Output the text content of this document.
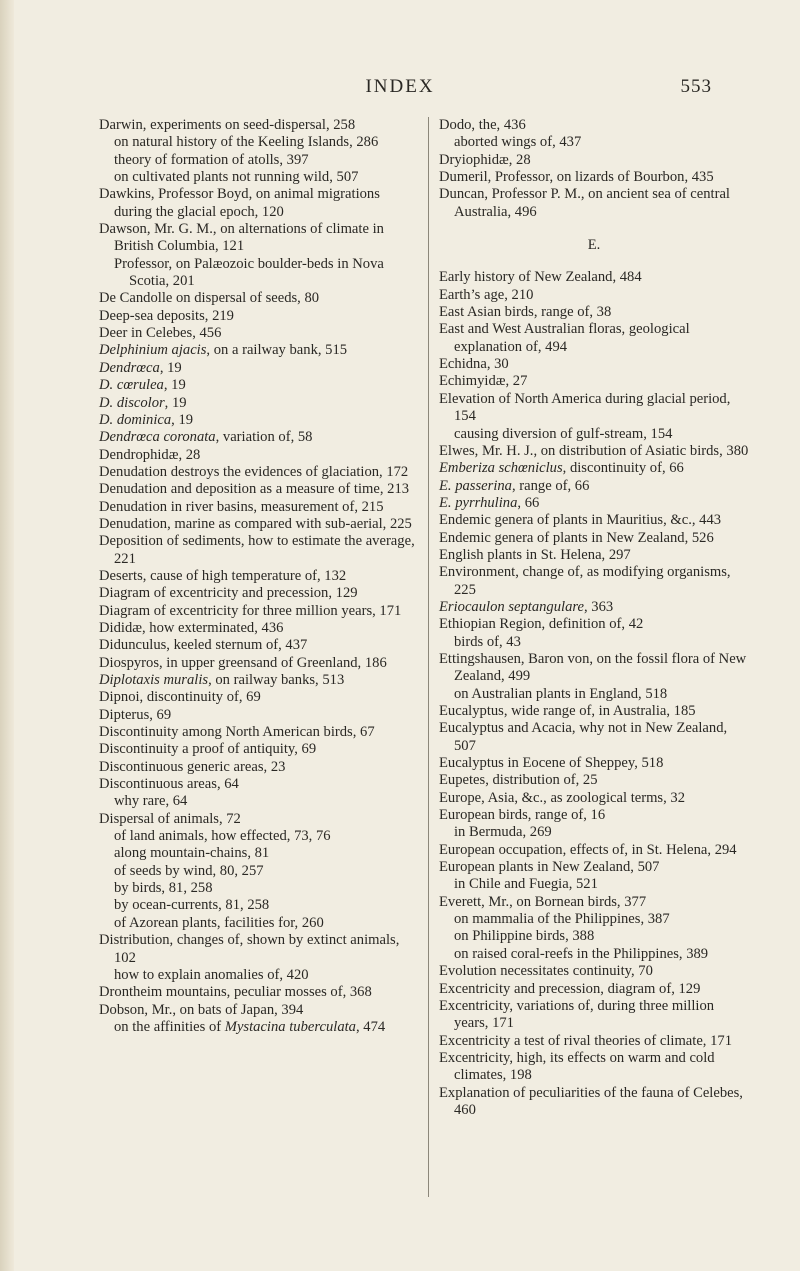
INDEX	553
Darwin, experiments on seed-dispersal, 258
on natural history of the Keeling Islands, 286
theory of formation of atolls, 397
on cultivated plants not running wild, 507
Dawkins, Professor Boyd, on animal migrations during the glacial epoch, 120
Dawson, Mr. G. M., on alternations of climate in British Columbia, 121
Professor, on Palæozoic boulder-beds in Nova Scotia, 201
De Candolle on dispersal of seeds, 80
Deep-sea deposits, 219
Deer in Celebes, 456
Delphinium ajacis, on a railway bank, 515
Dendrœca, 19
D. cœrulea, 19
D. discolor, 19
D. dominica, 19
Dendrœca coronata, variation of, 58
Dendrophidæ, 28
Denudation destroys the evidences of glaciation, 172
Denudation and deposition as a measure of time, 213
Denudation in river basins, measurement of, 215
Denudation, marine as compared with sub-aerial, 225
Deposition of sediments, how to estimate the average, 221
Deserts, cause of high temperature of, 132
Diagram of excentricity and precession, 129
Diagram of excentricity for three million years, 171
Dididæ, how exterminated, 436
Didunculus, keeled sternum of, 437
Diospyros, in upper greensand of Greenland, 186
Diplotaxis muralis, on railway banks, 513
Dipnoi, discontinuity of, 69
Dipterus, 69
Discontinuity among North American birds, 67
Discontinuity a proof of antiquity, 69
Discontinuous generic areas, 23
Discontinuous areas, 64
why rare, 64
Dispersal of animals, 72
of land animals, how effected, 73, 76
along mountain-chains, 81
of seeds by wind, 80, 257
by birds, 81, 258
by ocean-currents, 81, 258
of Azorean plants, facilities for, 260
Distribution, changes of, shown by extinct animals, 102
how to explain anomalies of, 420
Drontheim mountains, peculiar mosses of, 368
Dobson, Mr., on bats of Japan, 394
on the affinities of Mystacina tuberculata, 474
Dodo, the, 436
aborted wings of, 437
Dryiophidæ, 28
Dumeril, Professor, on lizards of Bourbon, 435
Duncan, Professor P. M., on ancient sea of central Australia, 496
E.
Early history of New Zealand, 484
Earth’s age, 210
East Asian birds, range of, 38
East and West Australian floras, geological explanation of, 494
Echidna, 30
Echimyidæ, 27
Elevation of North America during glacial period, 154
causing diversion of gulf-stream, 154
Elwes, Mr. H. J., on distribution of Asiatic birds, 380
Emberiza schœniclus, discontinuity of, 66
E. passerina, range of, 66
E. pyrrhulina, 66
Endemic genera of plants in Mauritius, &c., 443
Endemic genera of plants in New Zealand, 526
English plants in St. Helena, 297
Environment, change of, as modifying organisms, 225
Eriocaulon septangulare, 363
Ethiopian Region, definition of, 42
birds of, 43
Ettingshausen, Baron von, on the fossil flora of New Zealand, 499
on Australian plants in England, 518
Eucalyptus, wide range of, in Australia, 185
Eucalyptus and Acacia, why not in New Zealand, 507
Eucalyptus in Eocene of Sheppey, 518
Eupetes, distribution of, 25
Europe, Asia, &c., as zoological terms, 32
European birds, range of, 16
in Bermuda, 269
European occupation, effects of, in St. Helena, 294
European plants in New Zealand, 507
in Chile and Fuegia, 521
Everett, Mr., on Bornean birds, 377
on mammalia of the Philippines, 387
on Philippine birds, 388
on raised coral-reefs in the Philippines, 389
Evolution necessitates continuity, 70
Excentricity and precession, diagram of, 129
Excentricity, variations of, during three million years, 171
Excentricity a test of rival theories of climate, 171
Excentricity, high, its effects on warm and cold climates, 198
Explanation of peculiarities of the fauna of Celebes, 460
